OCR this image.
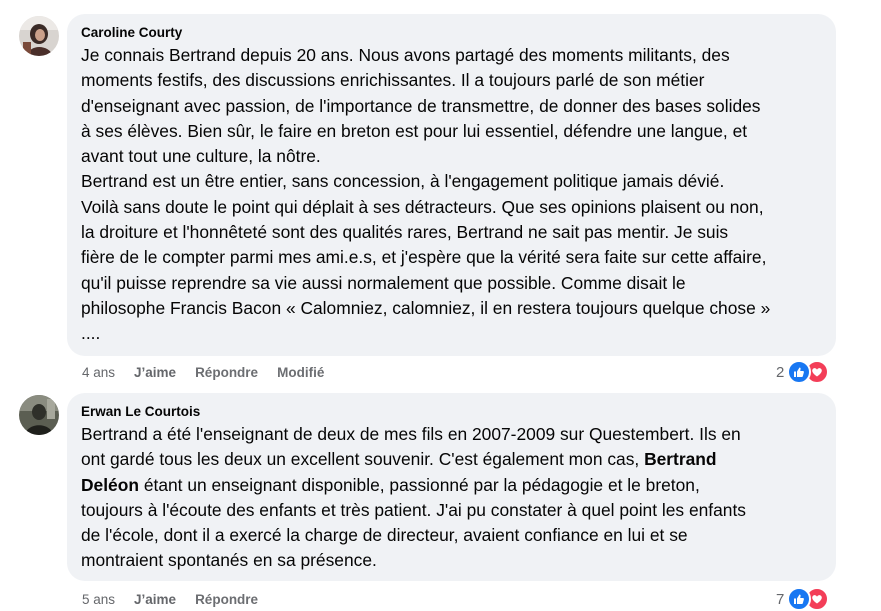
Caroline Courty
Je connais Bertrand depuis 20 ans. Nous avons partagé des moments militants, des
moments festifs, des discussions enrichissantes. Il a toujours parlé de son métier
d'enseignant avec passion, de l'importance de transmettre, de donner des bases solides
à ses élèves. Bien sûr, le faire en breton est pour lui essentiel, défendre une langue, et
avant tout une culture, la nôtre.
Bertrand est un être entier, sans concession, à l'engagement politique jamais dévié.
Voilà sans doute le point qui déplait à ses détracteurs. Que ses opinions plaisent ou non,
la droiture et l'honnêteté sont des qualités rares, Bertrand ne sait pas mentir. Je suis
fière de le compter parmi mes ami.e.s, et j'espère que la vérité sera faite sur cette affaire,
qu'il puisse reprendre sa vie aussi normalement que possible. Comme disait le
philosophe Francis Bacon « Calomniez, calomniez, il en restera toujours quelque chose »
....
4 ans J’aime Répondre Modifié	2
Erwan Le Courtois
Bertrand a été l'enseignant de deux de mes fils en 2007-2009 sur Questembert. Ils en
ont gardé tous les deux un excellent souvenir. C'est également mon cas, Bertrand
Deléon étant un enseignant disponible, passionné par la pédagogie et le breton,
toujours à l'écoute des enfants et très patient. J'ai pu constater à quel point les enfants
de l'école, dont il a exercé la charge de directeur, avaient confiance en lui et se
montraient spontanés en sa présence.
5 ans J’aime Répondre	7
